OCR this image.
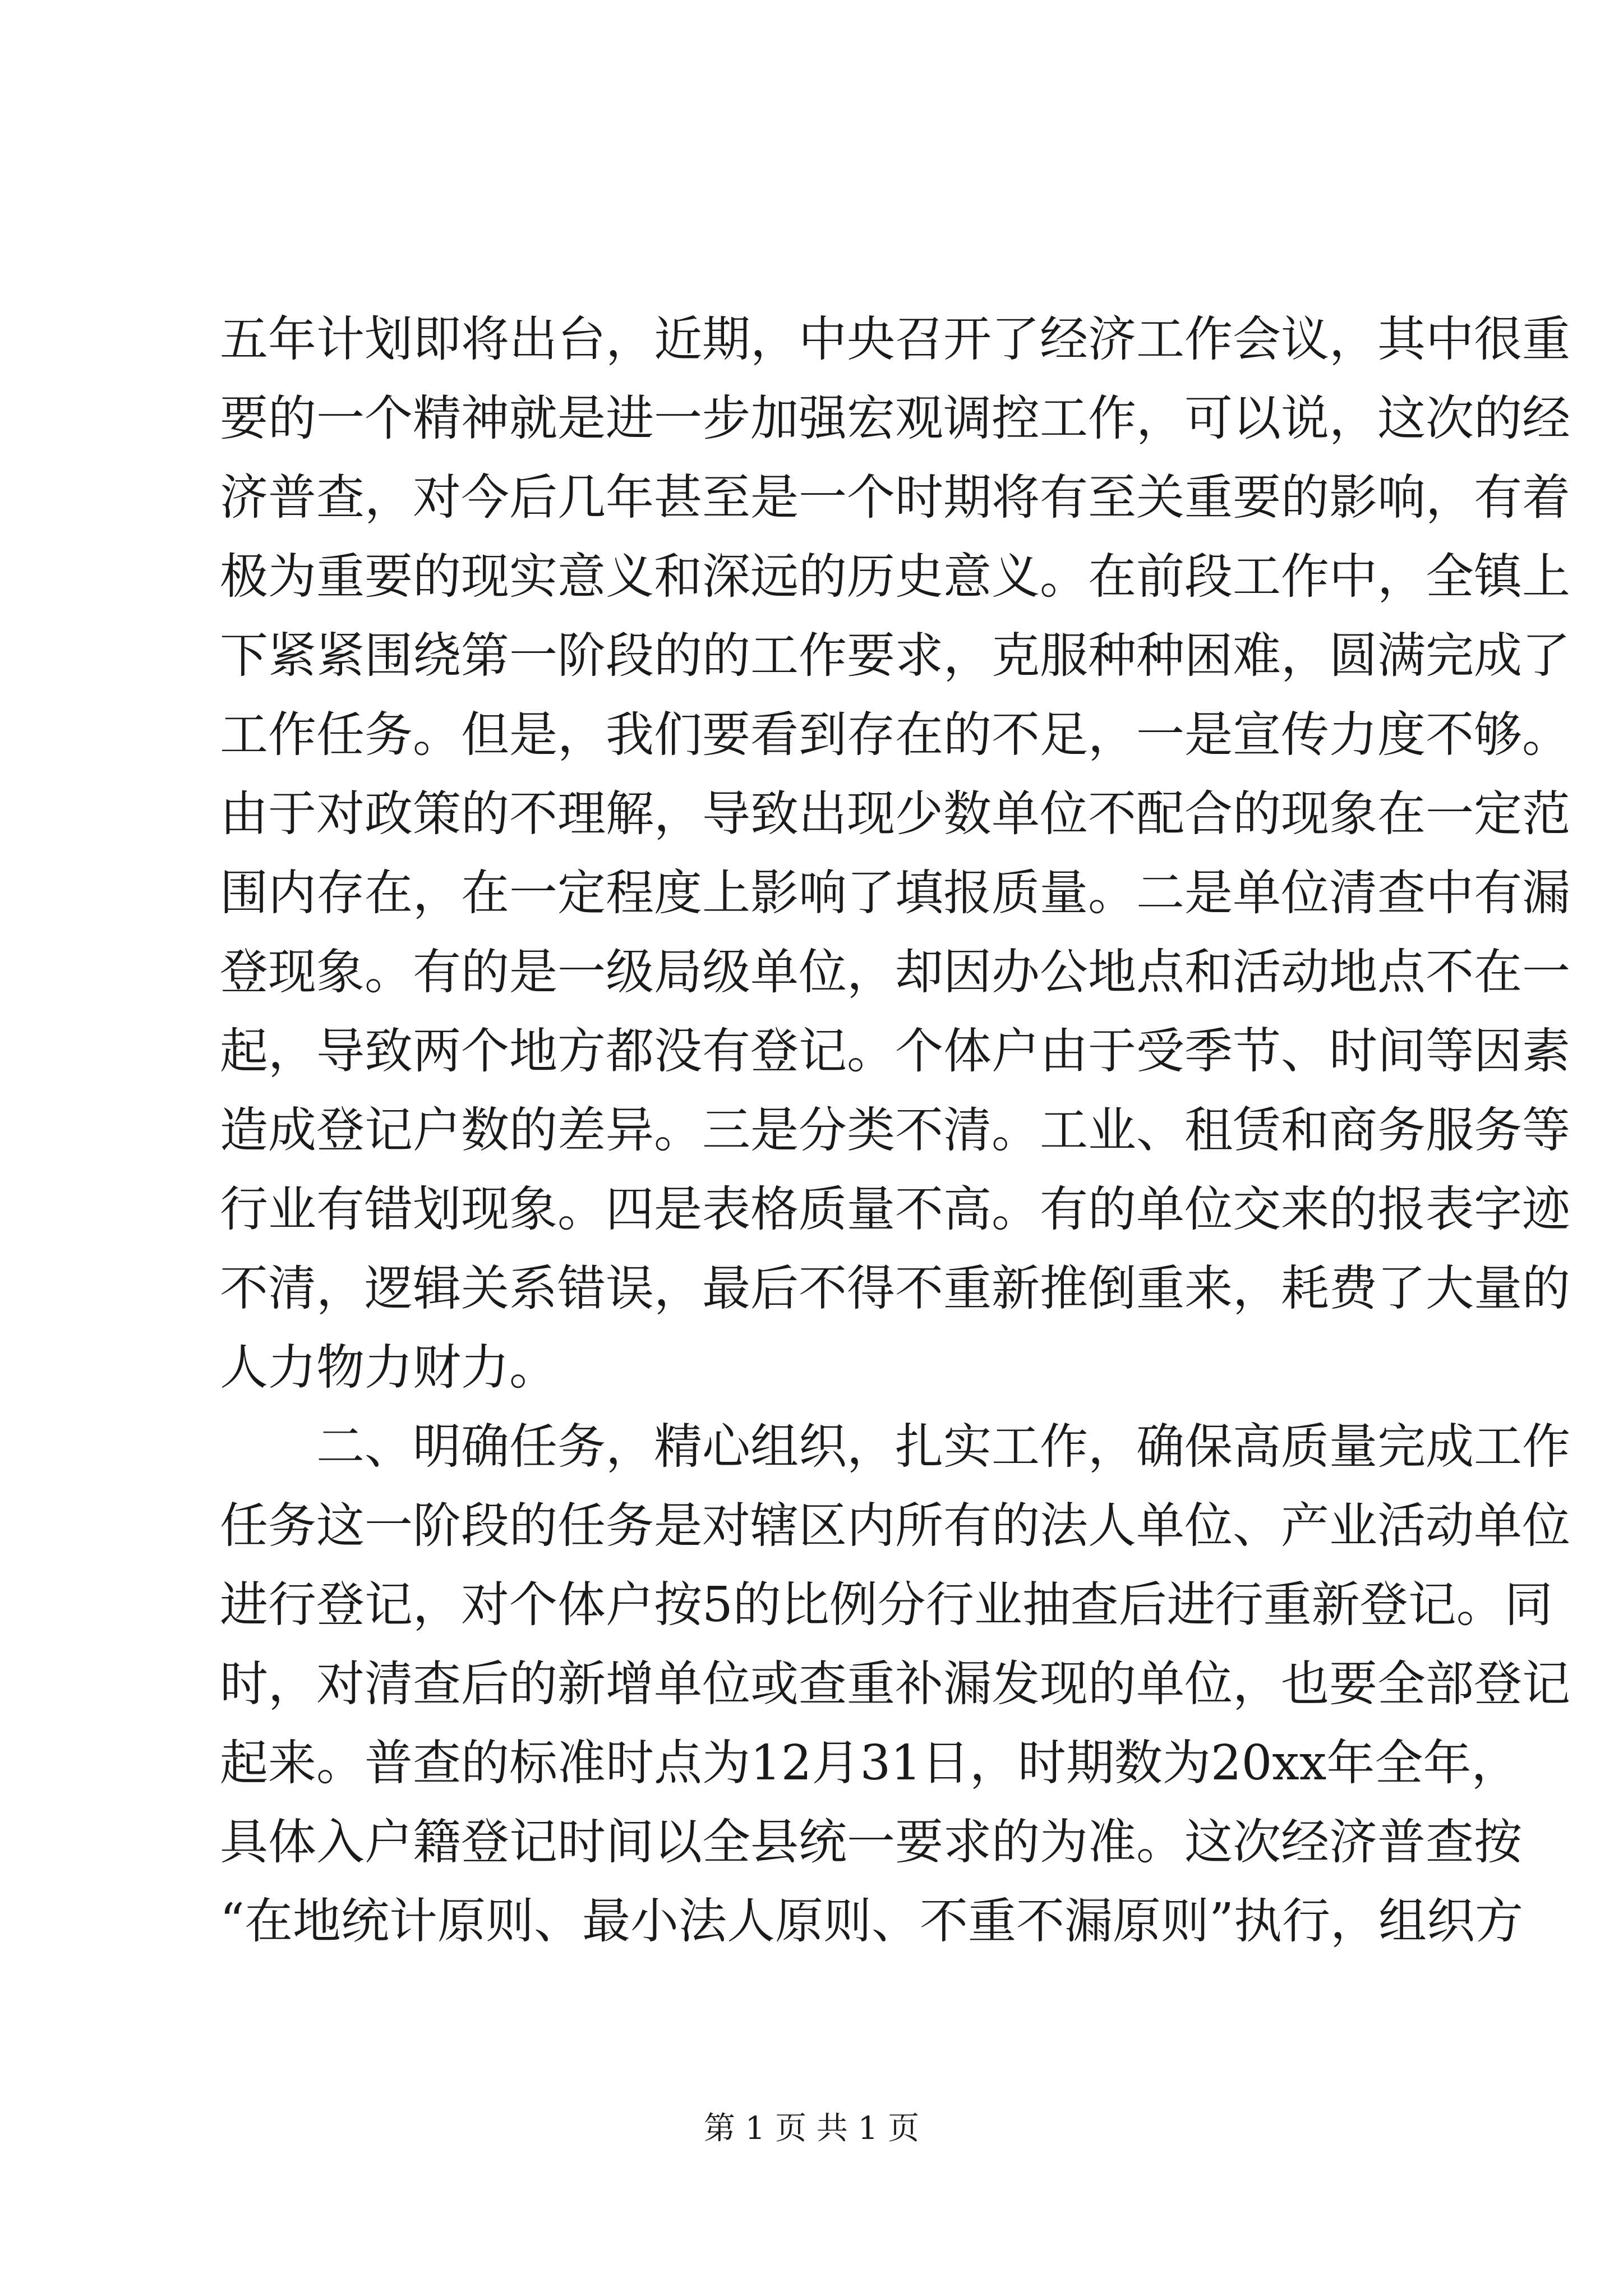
五 年 计 划 即 将 出 台 ， 近 期 ， 中 央 召 开 了 经 济 工 作 会 议 ， 其 中 很 重
要 的 一 个 精 神 就 是 进 一 步 加 强 宏 观 调 控 工 作 ， 可 以 说 ， 这 次 的 经
济 普 查 ， 对 今 后 几 年 甚 至 是 一 个 时 期 将 有 至 关 重 要 的 影 响 ， 有 着
极 为 重 要 的 现 实 意 义 和 深 远 的 历 史 意 义 。 在 前 段 工 作 中 ， 全 镇 上
下 紧 紧 围 绕 第 一 阶 段 的 的 工 作 要 求 ， 克 服 种 种 困 难 ， 圆 满 完 成 了
工 作 任 务 。 但 是 ， 我 们 要 看 到 存 在 的 不 足 ， 一 是 宣 传 力 度 不 够 。
由 于 对 政 策 的 不 理 解 ， 导 致 出 现 少 数 单 位 不 配 合 的 现 象 在 一 定 范
围 内 存 在 ， 在 一 定 程 度 上 影 响 了 填 报 质 量 。 二 是 单 位 清 查 中 有 漏
登 现 象 。 有 的 是 一 级 局 级 单 位 ， 却 因 办 公 地 点 和 活 动 地 点 不 在 一
起 ， 导 致 两 个 地 方 都 没 有 登 记 。 个 体 户 由 于 受 季 节 、 时 间 等 因 素
造 成 登 记 户 数 的 差 异 。 三 是 分 类 不 清 。 工 业 、 租 赁 和 商 务 服 务 等
行 业 有 错 划 现 象 。 四 是 表 格 质 量 不 高 。 有 的 单 位 交 来 的 报 表 字 迹
不 清 ， 逻 辑 关 系 错 误 ， 最 后 不 得 不 重 新 推 倒 重 来 ， 耗 费 了 大 量 的
人力物力财力。
二 、 明 确 任 务 ， 精 心 组 织 ， 扎 实 工 作 ， 确 保 高 质 量 完 成 工 作
任 务 这 一 阶 段 的 任 务 是 对 辖 区 内 所 有 的 法 人 单 位 、 产 业 活 动 单 位
进 行 登 记 ， 对 个 体 户 按 5 的 比 例 分 行 业 抽 查 后 进 行 重 新 登 记 。 同
时 ， 对 清 查 后 的 新 增 单 位 或 查 重 补 漏 发 现 的 单 位 ， 也 要 全 部 登 记
起 来 。 普 查 的 标 准 时 点 为 12 月 31 日 ， 时 期 数 为 20xx 年 全 年 ，
具 体 入 户 籍 登 记 时 间 以 全 县 统 一 要 求 的 为 准 。 这 次 经 济 普 查 按
“ 在 地 统 计 原 则 、 最 小 法 人 原 则 、 不 重 不 漏 原 则 ” 执 行 ， 组 织 方
第 1 页 共 1 页
